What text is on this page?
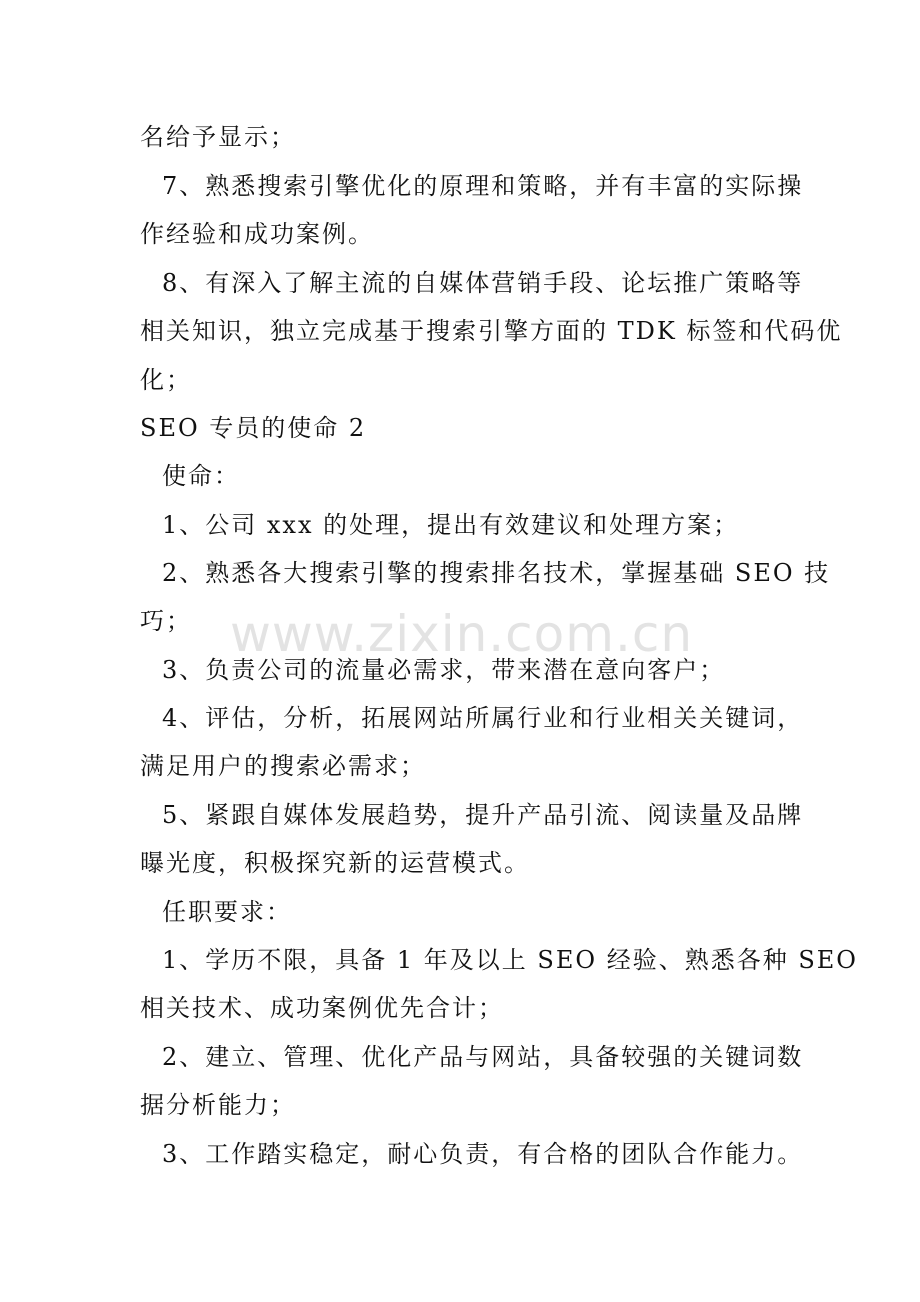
www.zixin.com.cn
名给予显示；
7、熟悉搜索引擎优化的原理和策略，并有丰富的实际操
作经验和成功案例。
8、有深入了解主流的自媒体营销手段、论坛推广策略等
相关知识，独立完成基于搜索引擎方面的 TDK 标签和代码优
化；
SEO 专员的使命 2
使命：
1、公司 xxx 的处理，提出有效建议和处理方案；
2、熟悉各大搜索引擎的搜索排名技术，掌握基础 SEO 技
巧；
3、负责公司的流量必需求，带来潜在意向客户；
4、评估，分析，拓展网站所属行业和行业相关关键词，
满足用户的搜索必需求；
5、紧跟自媒体发展趋势，提升产品引流、阅读量及品牌
曝光度，积极探究新的运营模式。
任职要求：
1、学历不限，具备 1 年及以上 SEO 经验、熟悉各种 SEO
相关技术、成功案例优先合计；
2、建立、管理、优化产品与网站，具备较强的关键词数
据分析能力；
3、工作踏实稳定，耐心负责，有合格的团队合作能力。
